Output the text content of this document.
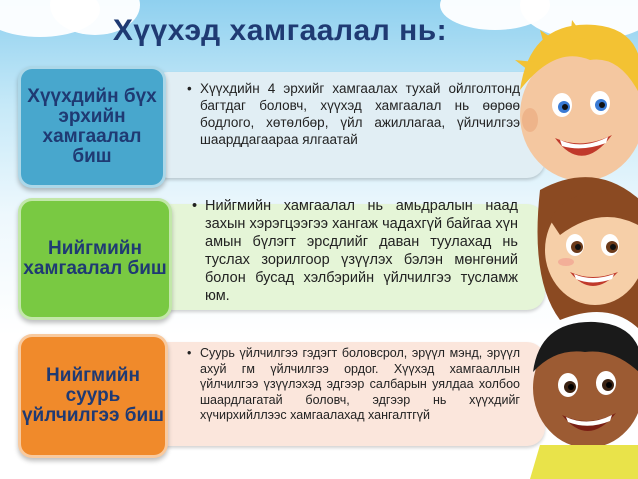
Хүүхэд хамгаалал нь:
Хүүхдийн бүх эрхийн хамгаалал биш
• Хүүхдийн 4 эрхийг хамгаалах тухай ойлголтонд багтдаг боловч, хүүхэд хамгаалал нь өөрөө бодлого, хөтөлбөр, үйл ажиллагаа, үйлчилгээ шаарддагаараа ялгаатай
Нийгмийн хамгаалал биш
• Нийгмийн хамгаалал нь амьдралын наад захын хэрэгцээгээ хангаж чадахгүй байгаа хүн амын бүлэгт эрсдлийг даван туулахад нь туслах зорилгоор үзүүлэх бэлэн мөнгөний болон бусад хэлбэрийн үйлчилгээ тусламж юм.
Нийгмийн суурь үйлчилгээ биш
• Суурь үйлчилгээ гэдэгт боловсрол, эрүүл мэнд, эрүүл ахуй гм үйлчилгээ ордог. Хүүхэд хамгааллын үйлчилгээ үзүүлэхэд эдгээр салбарын уялдаа холбоо шаардлагатай боловч, эдгээр нь хүүхдийг хүчирхийллээс хамгаалахад хангалтгүй
